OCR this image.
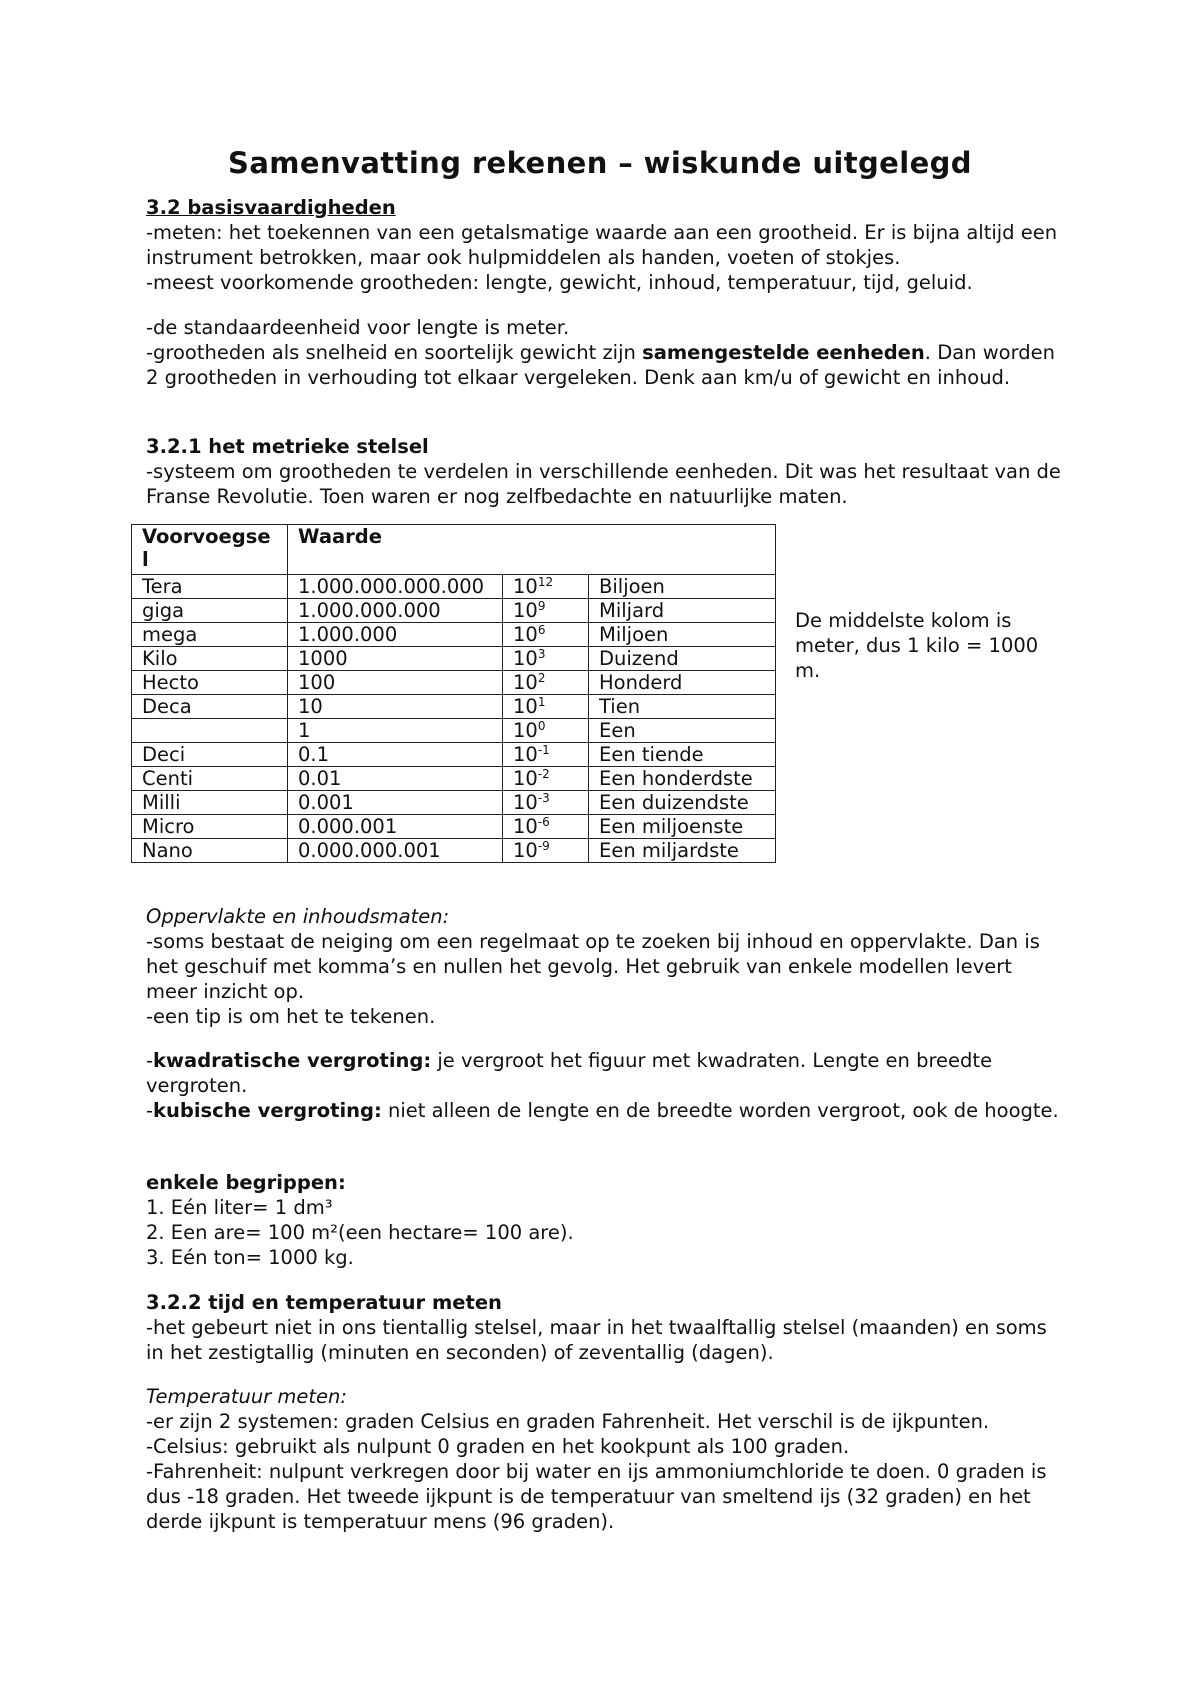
Samenvatting rekenen – wiskunde uitgelegd

3.2 basisvaardigheden

-meten: het toekennen van een getalsmatige waarde aan een grootheid. Er is bijna altijd een instrument betrokken, maar ook hulpmiddelen als handen, voeten of stokjes.

-meest voorkomende grootheden: lengte, gewicht, inhoud, temperatuur, tijd, geluid.

-de standaardeenheid voor lengte is meter.

-grootheden als snelheid en soortelijk gewicht zijn samengestelde eenheden. Dan worden 2 grootheden in verhouding tot elkaar vergeleken. Denk aan km/u of gewicht en inhoud.

3.2.1 het metrieke stelsel

-systeem om grootheden te verdelen in verschillende eenheden. Dit was het resultaat van de Franse Revolutie. Toen waren er nog zelfbedachte en natuurlijke maten.

Voorvoegse
l	Waarde		
Tera	1.000.000.000.000	$10^{12}$	Biljoen
giga	1.000.000.000	$10^9$	Miljard
mega	1.000.000	$10^6$	Miljoen
Kilo	1000	$10^3$	Duizend
Hecto	100	$10^2$	Honderd
Deca	10	$10^1$	Tien
	1	$10^0$	Een
Deci	0.1	$10^{-1}$	Een tiende
Centi	0.01	$10^{-2}$	Een honderdste
Milli	0.001	$10^{-3}$	Een duizendste
Micro	0.000.001	$10^{-6}$	Een miljoenste
Nano	0.000.000.001	$10^{-9}$	Een miljardste
De middelste kolom is meter, dus 1 kilo = 1000 m.

Oppervlakte en inhoudsmaten:

-soms bestaat de neiging om een regelmaat op te zoeken bij inhoud en oppervlakte. Dan is het geschuif met komma’s en nullen het gevolg. Het gebruik van enkele modellen levert meer inzicht op.

-een tip is om het te tekenen.

-kwadratische vergroting: je vergroot het figuur met kwadraten. Lengte en breedte vergroten.

-kubische vergroting: niet alleen de lengte en de breedte worden vergroot, ook de hoogte.

enkele begrippen:

1. Eén liter= 1 dm³

2. Een are= 100 m²(een hectare= 100 are).

3. Eén ton= 1000 kg.

3.2.2 tijd en temperatuur meten

-het gebeurt niet in ons tientallig stelsel, maar in het twaalftallig stelsel (maanden) en soms in het zestigtallig (minuten en seconden) of zeventallig (dagen).

Temperatuur meten:

-er zijn 2 systemen: graden Celsius en graden Fahrenheit. Het verschil is de ijkpunten.

-Celsius: gebruikt als nulpunt 0 graden en het kookpunt als 100 graden.

-Fahrenheit: nulpunt verkregen door bij water en ijs ammoniumchloride te doen. 0 graden is dus -18 graden. Het tweede ijkpunt is de temperatuur van smeltend ijs (32 graden) en het derde ijkpunt is temperatuur mens (96 graden).
